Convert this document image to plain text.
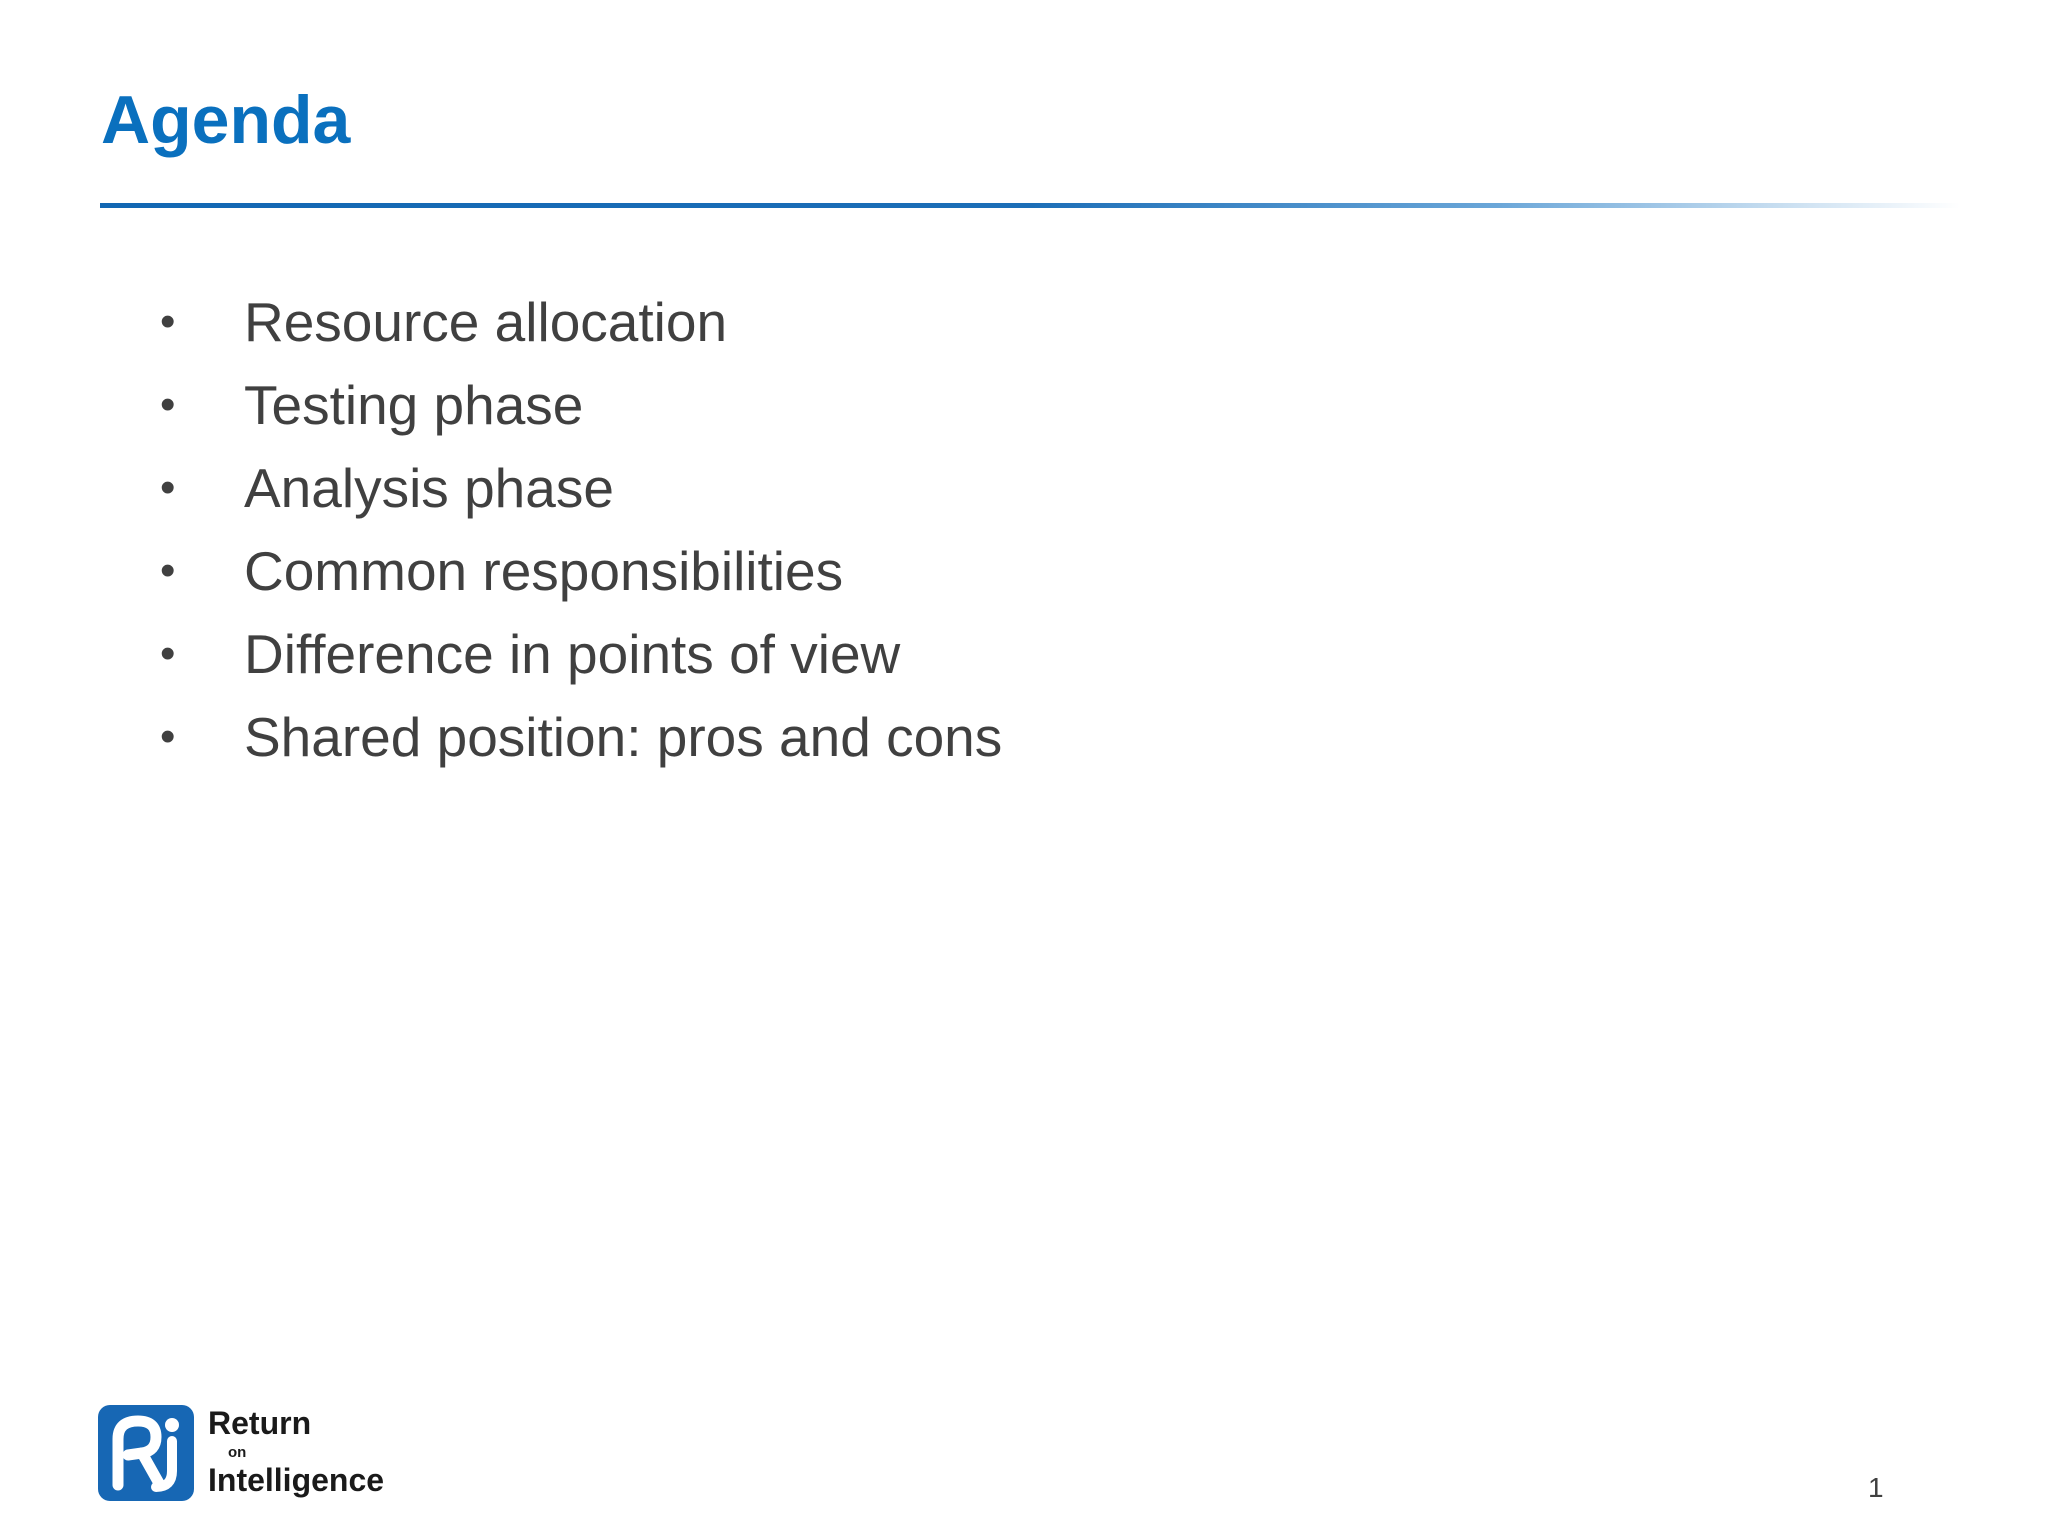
Agenda
•	Resource allocation
•	Testing phase
•	Analysis phase
•	Common responsibilities
•	Difference in points of view
•	Shared position: pros and cons
Return
on
Intelligence	1
